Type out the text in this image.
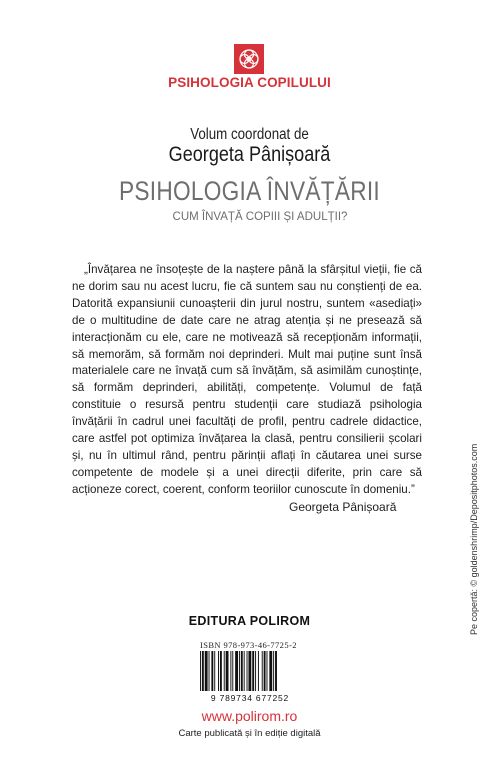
PSIHOLOGIA COPILULUI
Volum coordonat de
Georgeta Pânișoară
PSIHOLOGIA ÎNVĂȚĂRII
CUM ÎNVAȚĂ COPIII ȘI ADULȚII?

„Învățarea ne însoțește de la naștere până la sfârșitul vieții, fie că ne dorim sau nu acest lucru, fie că suntem sau nu conștienți de ea. Datorită expansiunii cunoașterii din jurul nostru, suntem «asediați» de o multitudine de date care ne atrag atenția și ne presează să interacționăm cu ele, care ne motivează să recepționăm informații, să memorăm, să formăm noi deprinderi. Mult mai puține sunt însă materialele care ne învață cum să învățăm, să asimilăm cunoștințe, să formăm deprinderi, abilități, competențe. Volumul de față constituie o resursă pentru studenții care studiază psihologia învățării în cadrul unei facultăți de profil, pentru cadrele didactice, care astfel pot optimiza învățarea la clasă, pentru consilierii școlari și, nu în ultimul rând, pentru părinții aflați în căutarea unei surse competente de modele și a unei direcții diferite, prin care să acționeze corect, coerent, conform teoriilor cunoscute în domeniu.”

Georgeta Pânișoară
EDITURA POLIROM
ISBN 978-973-46-7725-2
9 789734 677252
www.polirom.ro
Carte publicată și în ediție digitală
Pe copertă: © goldenshrimp/Depositphotos.com
